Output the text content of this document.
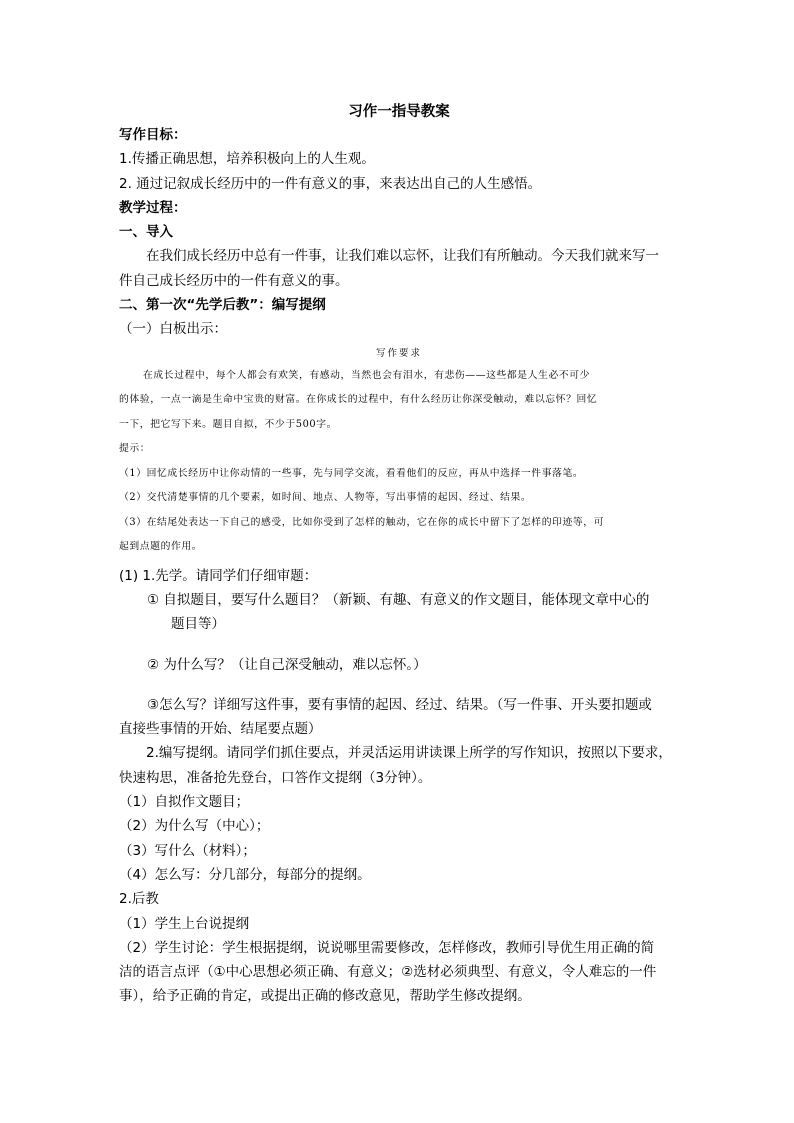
习作一指导教案
写作目标：
1.传播正确思想，培养积极向上的人生观。
2. 通过记叙成长经历中的一件有意义的事，来表达出自己的人生感悟。
教学过程：
一、导入
在我们成长经历中总有一件事，让我们难以忘怀，让我们有所触动。今天我们就来写一
件自己成长经历中的一件有意义的事。
二、第一次“先学后教”：编写提纲
（一）白板出示：
写作要求
在成长过程中，每个人都会有欢笑，有感动，当然也会有泪水，有悲伤——这些都是人生必不可少
的体验，一点一滴是生命中宝贵的财富。在你成长的过程中，有什么经历让你深受触动，难以忘怀？回忆
一下，把它写下来。题目自拟，不少于500字。
提示：
（1）回忆成长经历中让你动情的一些事，先与同学交流，看看他们的反应，再从中选择一件事落笔。
（2）交代清楚事情的几个要素，如时间、地点、人物等，写出事情的起因、经过、结果。
（3）在结尾处表达一下自己的感受，比如你受到了怎样的触动，它在你的成长中留下了怎样的印迹等，可
起到点题的作用。
(1) 1.先学。请同学们仔细审题：
① 自拟题目，要写什么题目？（新颖、有趣、有意义的作文题目，能体现文章中心的
题目等）
② 为什么写？（让自己深受触动，难以忘怀。）
③怎么写？详细写这件事，要有事情的起因、经过、结果。（写一件事、开头要扣题或
直接些事情的开始、结尾要点题）
2.编写提纲。请同学们抓住要点，并灵活运用讲读课上所学的写作知识，按照以下要求，
快速构思，准备抢先登台，口答作文提纲（3分钟）。
（1）自拟作文题目；
（2）为什么写（中心）；
（3）写什么（材料）；
（4）怎么写：分几部分，每部分的提纲。
2.后教
（1）学生上台说提纲
（2）学生讨论：学生根据提纲，说说哪里需要修改，怎样修改，教师引导优生用正确的简
洁的语言点评（①中心思想必须正确、有意义；②选材必须典型、有意义，令人难忘的一件
事），给予正确的肯定，或提出正确的修改意见，帮助学生修改提纲。
